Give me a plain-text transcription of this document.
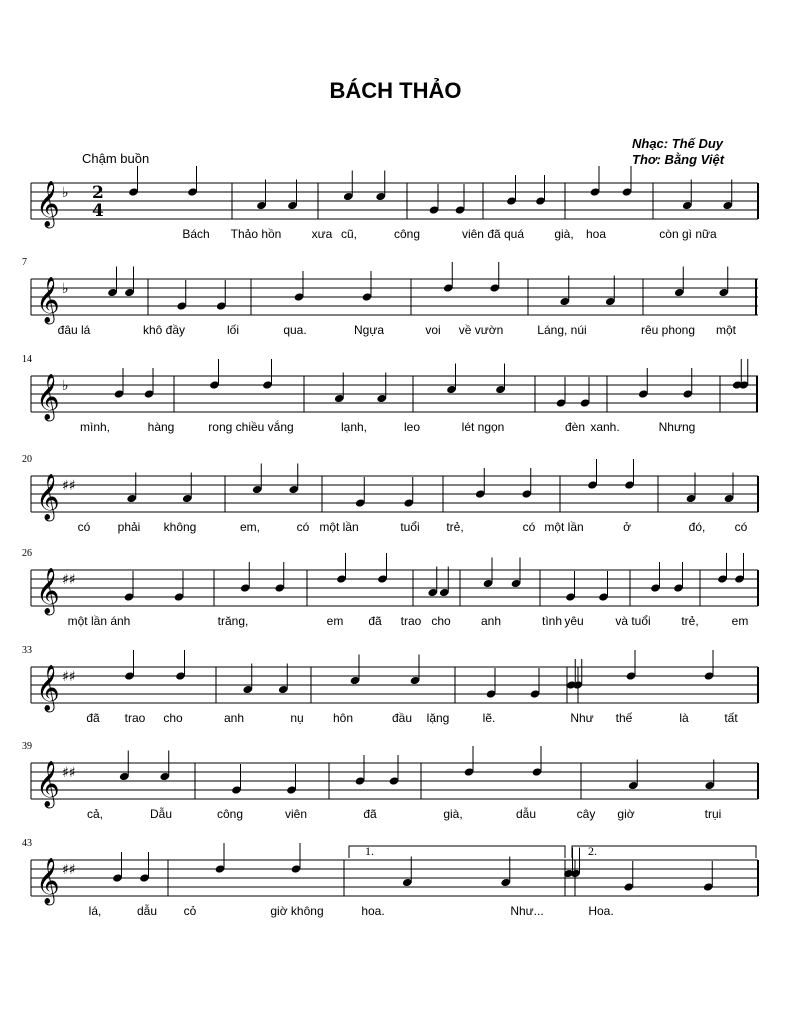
BÁCH THẢO
Nhạc: Thế Duy
Thơ: Bằng Việt
Chậm buồn
𝄞 ♭ 2
4
Bách Thảo hồn	xưa cũ,	công	viên đã quá	già, hoa	còn gì nữa
𝄞 ♭
7
đâu lá	khô đầy	lối	qua.	Ngựa	voi về vườn	Láng, núi	rêu phong một
𝄞 ♭
14
mình,	hàng	rong chiều vắng	lạnh,	leo	lét ngọn	đèn xanh.	Nhưng
𝄞 ♯♯
20
có phải không	em,	có một lần	tuổi trẻ,	có một lần	ở	đó, có
𝄞 ♯♯
26
một lần ánh	trăng,	em đã trao cho	anh	tình yêu	và tuổi	trẻ,	em
𝄞 ♯♯
33
đã trao cho	anh	nụ hôn	đầu lặng	lẽ.	Như thế	là	tất
𝄞 ♯♯
39
cả,	Dẫu	công	viên	đã	già,	dẫu	cây giờ	trụi
1.	2.
𝄞 ♯♯
43
lá,	dẫu cỏ	giờ không	hoa.	Như...	Hoa.
